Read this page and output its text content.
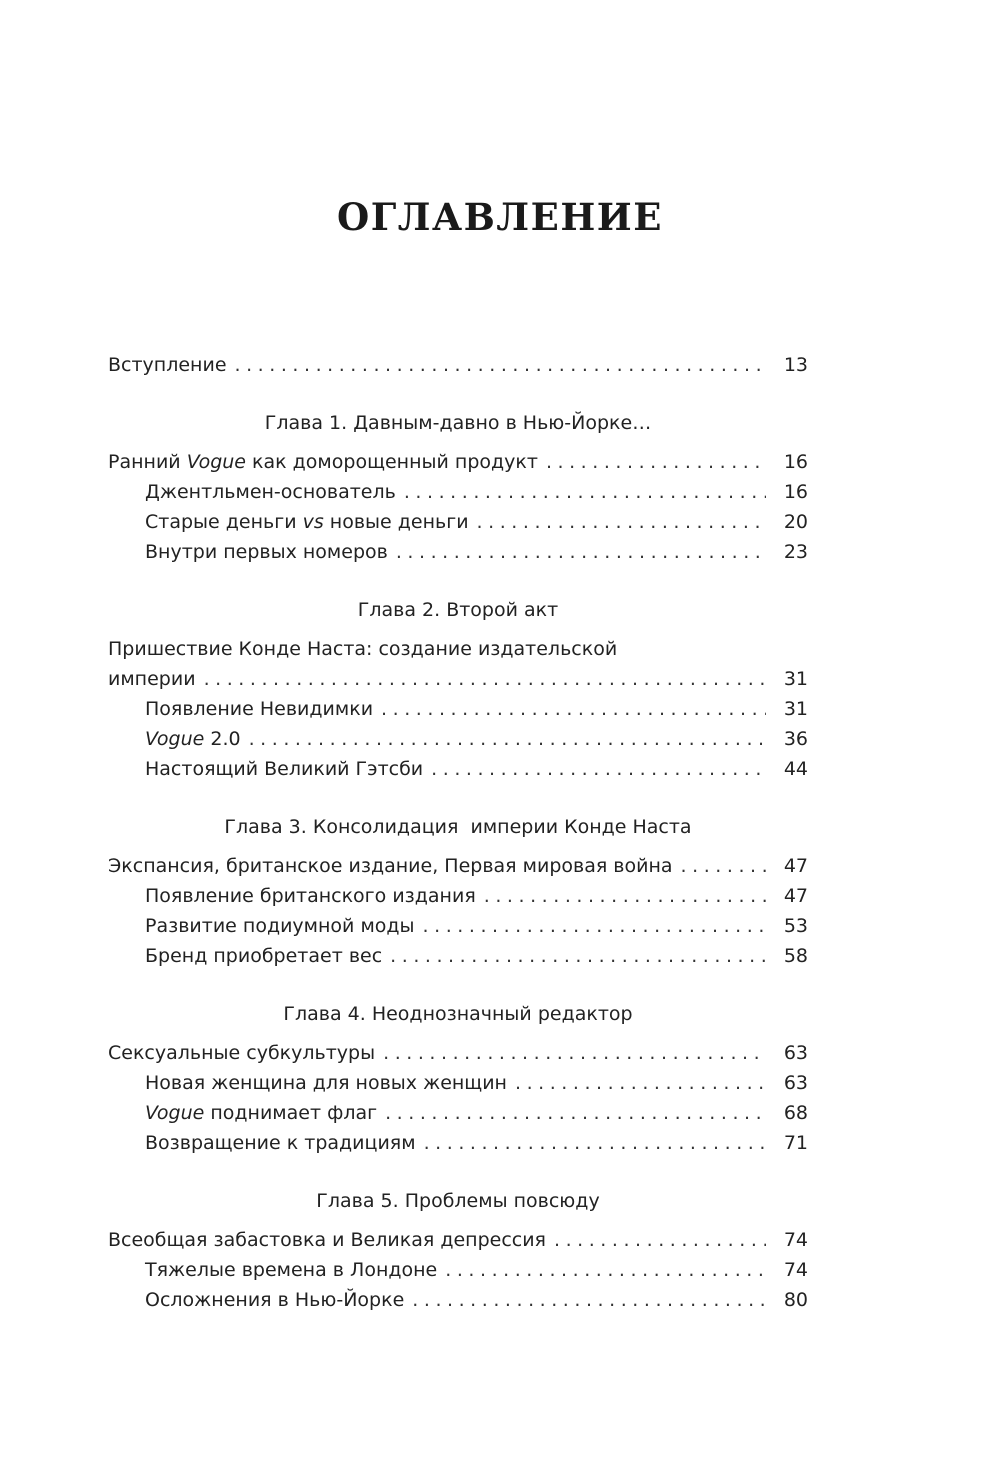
ОГЛАВЛЕНИЕ
Вступление . . .	13
Глава 1. Давным-давно в Нью-Йорке…
Ранний Vogue как доморощенный продукт . . .	16
Джентльмен-основатель . . .	16
Старые деньги vs новые деньги . . .	20
Внутри первых номеров . . .	23
Глава 2. Второй акт
Пришествие Конде Наста: создание издательской
империи . . .	31
Появление Невидимки . . .	31
Vogue 2.0 . . .	36
Настоящий Великий Гэтсби . . .	44
Глава 3. Консолидация  империи Конде Наста
Экспансия, британское издание, Первая мировая война . . .	47
Появление британского издания . . .	47
Развитие подиумной моды . . .	53
Бренд приобретает вес . . .	58
Глава 4. Неоднозначный редактор
Сексуальные субкультуры . . .	63
Новая женщина для новых женщин . . .	63
Vogue поднимает флаг . . .	68
Возвращение к традициям . . .	71
Глава 5. Проблемы повсюду
Всеобщая забастовка и Великая депрессия . . .	74
Тяжелые времена в Лондоне . . .	74
Осложнения в Нью-Йорке . . .	80
